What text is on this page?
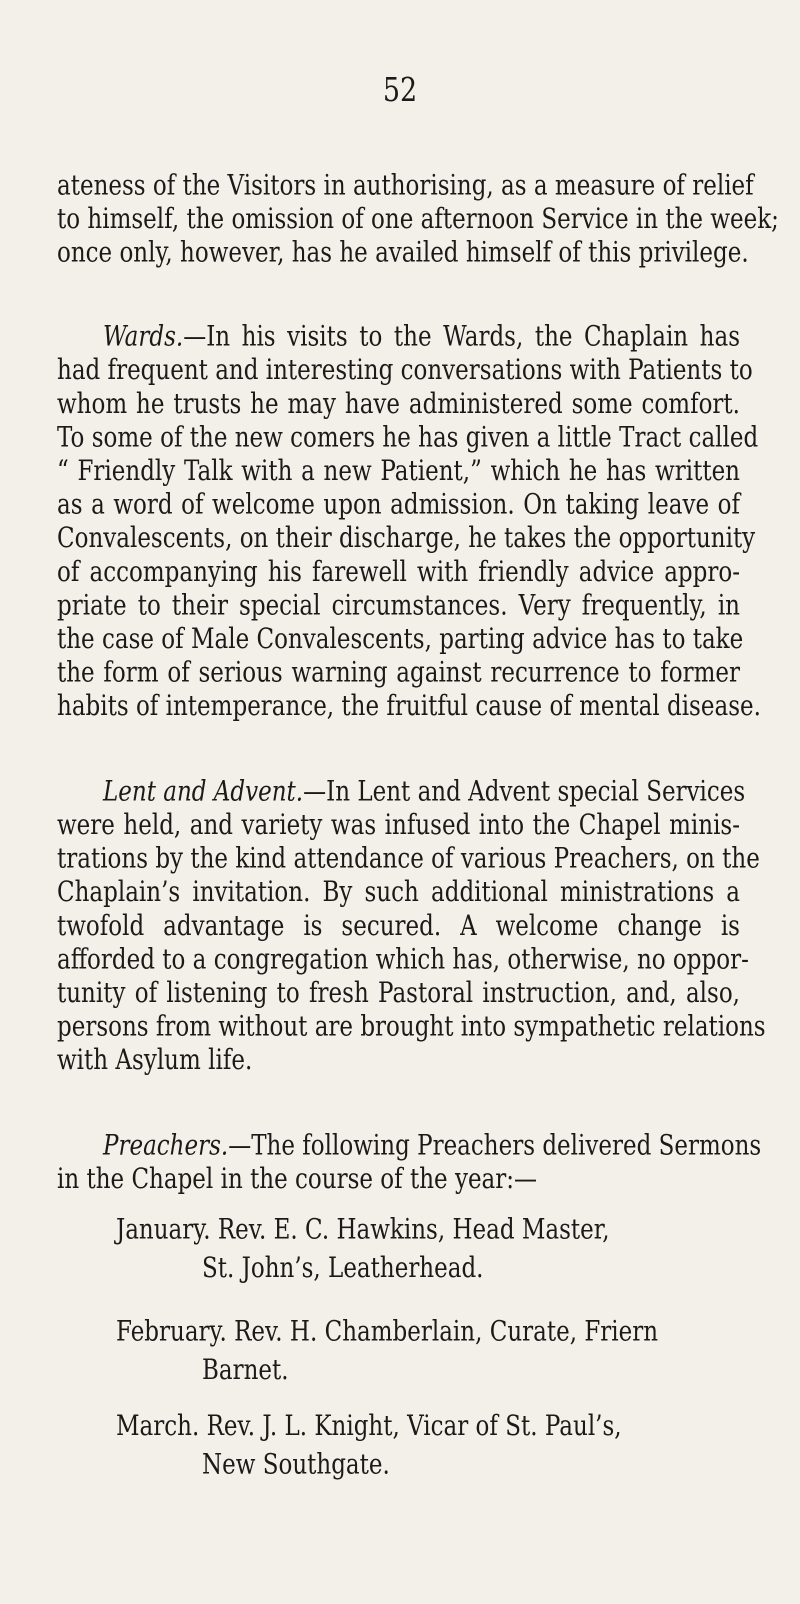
52
ateness of the Visitors in authorising, as a measure of relief
to himself, the omission of one afternoon Service in the week;
once only, however, has he availed himself of this privilege.
Wards.—In his visits to the Wards, the Chaplain has
had frequent and interesting conversations with Patients to
whom he trusts he may have administered some comfort.
To some of the new comers he has given a little Tract called
“ Friendly Talk with a new Patient,” which he has written
as a word of welcome upon admission. On taking leave of
Convalescents, on their discharge, he takes the opportunity
of accompanying his farewell with friendly advice appro-
priate to their special circumstances. Very frequently, in
the case of Male Convalescents, parting advice has to take
the form of serious warning against recurrence to former
habits of intemperance, the fruitful cause of mental disease.
Lent and Advent.—In Lent and Advent special Services
were held, and variety was infused into the Chapel minis-
trations by the kind attendance of various Preachers, on the
Chaplain’s invitation. By such additional ministrations a
twofold advantage is secured. A welcome change is
afforded to a congregation which has, otherwise, no oppor-
tunity of listening to fresh Pastoral instruction, and, also,
persons from without are brought into sympathetic relations
with Asylum life.
Preachers.—The following Preachers delivered Sermons
in the Chapel in the course of the year:—
January. Rev. E. C. Hawkins, Head Master,
St. John’s, Leatherhead.
February. Rev. H. Chamberlain, Curate, Friern
Barnet.
March. Rev. J. L. Knight, Vicar of St. Paul’s,
New Southgate.
